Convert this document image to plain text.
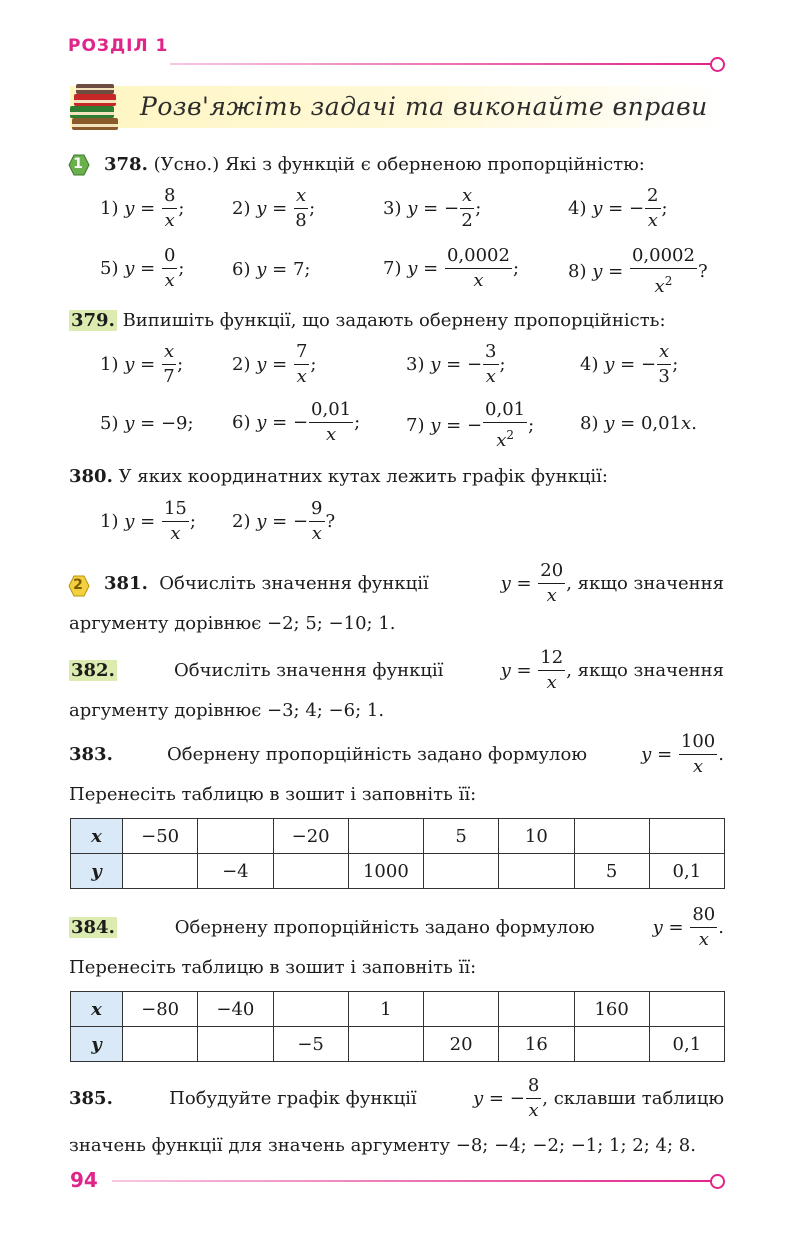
РОЗДІЛ 1
Розв'яжіть задачі та виконайте вправи
1 378. (Усно.) Які з функцій є оберненою пропорційністю:
1)
y
=
$\frac{8}{x}$ ;	2)
y
=
$\frac{x}{8}$ ;	3)
y
=
− $\frac{x}{2}$ ;	4)
y
=
− $\frac{2}{x}$ ;
5)
y
=
$\frac{0}{x}$ ;	6)
y
=
7 ;	7)
y
=
$\frac{0,0002}{x}$ ;	8)
y
=
$\frac{0,0002}{x^2}$ ?
379. Випишіть функції, що задають обернену пропорційність:
1)
y
=
$\frac{x}{7}$ ;	2)
y
=
$\frac{7}{x}$ ;	3)
y
=
− $\frac{3}{x}$ ;	4)
y
=
− $\frac{x}{3}$ ;
5)
y
=
−9 ; 6)
y
=
− $\frac{0,01}{x}$ ;	7)
y
=
− $\frac{0,01}{x^2}$ ;	8)
y
=
0,01 x .
380. У яких координатних кутах лежить графік функції:
1)
y
=
$\frac{15}{x}$ ; 2)
y
=
− $\frac{9}{x}$ ?
2 381. Обчисліть значення функції	y
=
$\frac{20}{x}$ , якщо значення
аргументу дорівнює −2; 5; −10; 1.
382.	Обчисліть значення функції	y
=
$\frac{12}{x}$ , якщо значення
аргументу дорівнює −3; 4; −6; 1.
383.	Обернену пропорційність задано формулою	y
=
$\frac{100}{x}$ .
Перенесіть таблицю в зошит і заповніть її:
x	−50		−20		5	10		
y		−4		1000			5	0,1
384.	Обернену пропорційність задано формулою	y
=
$\frac{80}{x}$ .
Перенесіть таблицю в зошит і заповніть її:
x	−80	−40		1			160	
y			−5		20	16		0,1
385.	Побудуйте графік функції	y
=
− $\frac{8}{x}$ , склавши таблицю
значень функції для значень аргументу −8; −4; −2; −1; 1; 2; 4; 8.
94
